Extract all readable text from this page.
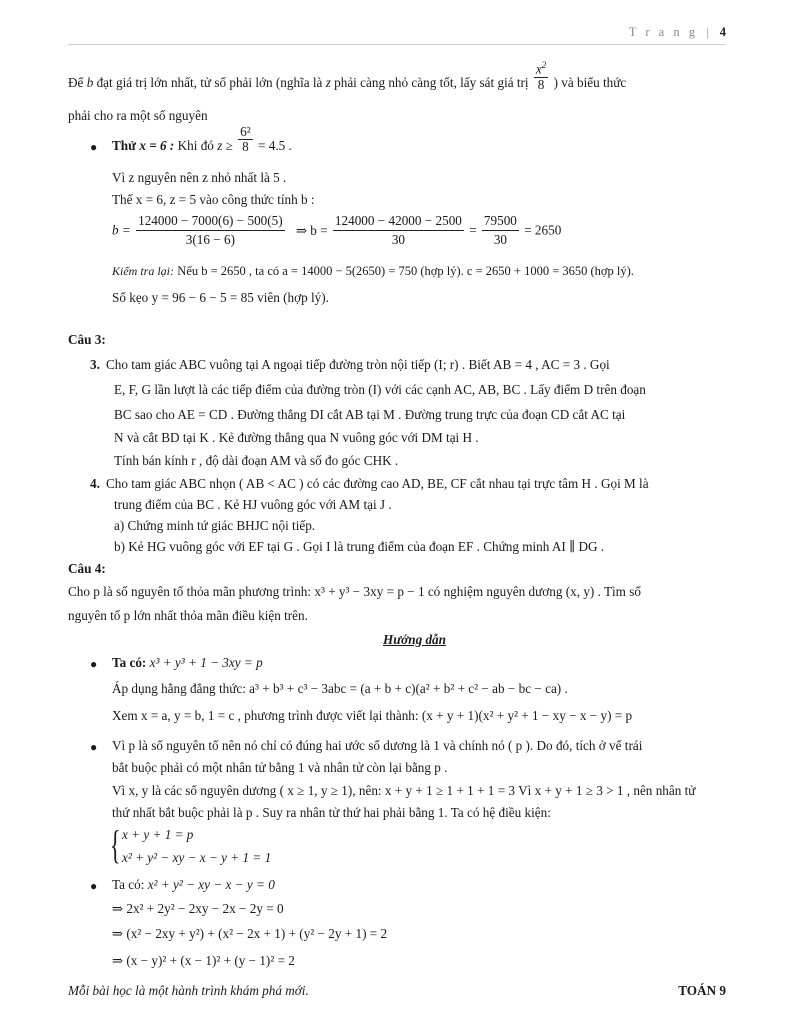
T r a n g | 4
Để b đạt giá trị lớn nhất, tử số phải lớn (nghĩa là z phải càng nhỏ càng tốt, lấy sát giá trị $\frac{x^2}{8}$ ) và biểu thức
phải cho ra một số nguyên
● Thử x = 6 : Khi đó $z \ge \frac{\text{6²}}{8} = 4.5$ .
Vì z nguyên nên z nhỏ nhất là 5 .
Thế x = 6, z = 5 vào công thức tính b :
$b = \frac{124000 - 7000(6) - 500(5)}{3(16 - 6)}$ ⇒ $b = \frac{124000 - 42000 - 2500}{30} = \frac{79500}{30} = 2650$
Kiểm tra lại: Nếu b = 2650 , ta có a = 14000 − 5(2650) = 750 (hợp lý). c = 2650 + 1000 = 3650 (hợp lý).
Số kẹo y = 96 − 6 − 5 = 85 viên (hợp lý).
Câu 3:
3. Cho tam giác ABC vuông tại A ngoại tiếp đường tròn nội tiếp (I; r) . Biết AB = 4 , AC = 3 . Gọi
E, F, G lần lượt là các tiếp điểm của đường tròn (I) với các cạnh AC, AB, BC . Lấy điểm D trên đoạn
BC sao cho AE = CD . Đường thẳng DI cắt AB tại M . Đường trung trực của đoạn CD cắt AC tại
N và cắt BD tại K . Kẻ đường thẳng qua N vuông góc với DM tại H .
Tính bán kính r , độ dài đoạn AM và số đo góc CHK .
4. Cho tam giác ABC nhọn ( AB < AC ) có các đường cao AD, BE, CF cắt nhau tại trực tâm H . Gọi M là
trung điểm của BC . Kẻ HJ vuông góc với AM tại J .
a) Chứng minh tứ giác BHJC nội tiếp.
b) Kẻ HG vuông góc với EF tại G . Gọi I là trung điểm của đoạn EF . Chứng minh AI ∥ DG .
Câu 4:
Cho p là số nguyên tố thỏa mãn phương trình: x³ + y³ − 3xy = p − 1 có nghiệm nguyên dương (x, y) . Tìm số
nguyên tố p lớn nhất thỏa mãn điều kiện trên.
Hướng dẫn
● Ta có: x³ + y³ + 1 − 3xy = p
Áp dụng hằng đẳng thức: a³ + b³ + c³ − 3abc = (a + b + c)(a² + b² + c² − ab − bc − ca) .
Xem x = a, y = b, 1 = c , phương trình được viết lại thành: (x + y + 1)(x² + y² + 1 − xy − x − y) = p
● Vì p là số nguyên tố nên nó chỉ có đúng hai ước số dương là 1 và chính nó ( p ). Do đó, tích ở vế trái
bắt buộc phải có một nhân tử bằng 1 và nhân tử còn lại bằng p .
Vì x, y là các số nguyên dương ( x ≥ 1, y ≥ 1), nên: x + y + 1 ≥ 1 + 1 + 1 = 3 Vì x + y + 1 ≥ 3 > 1 , nên nhân tử
thứ nhất bắt buộc phải là p . Suy ra nhân tử thứ hai phải bằng 1. Ta có hệ điều kiện:
{ x + y + 1 = p
x² + y² − xy − x − y + 1 = 1
● Ta có: x² + y² − xy − x − y = 0
⇒ 2x² + 2y² − 2xy − 2x − 2y = 0
⇒ (x² − 2xy + y²) + (x² − 2x + 1) + (y² − 2y + 1) = 2
⇒ (x − y)² + (x − 1)² + (y − 1)² = 2
Mỗi bài học là một hành trình khám phá mới.	TOÁN 9
